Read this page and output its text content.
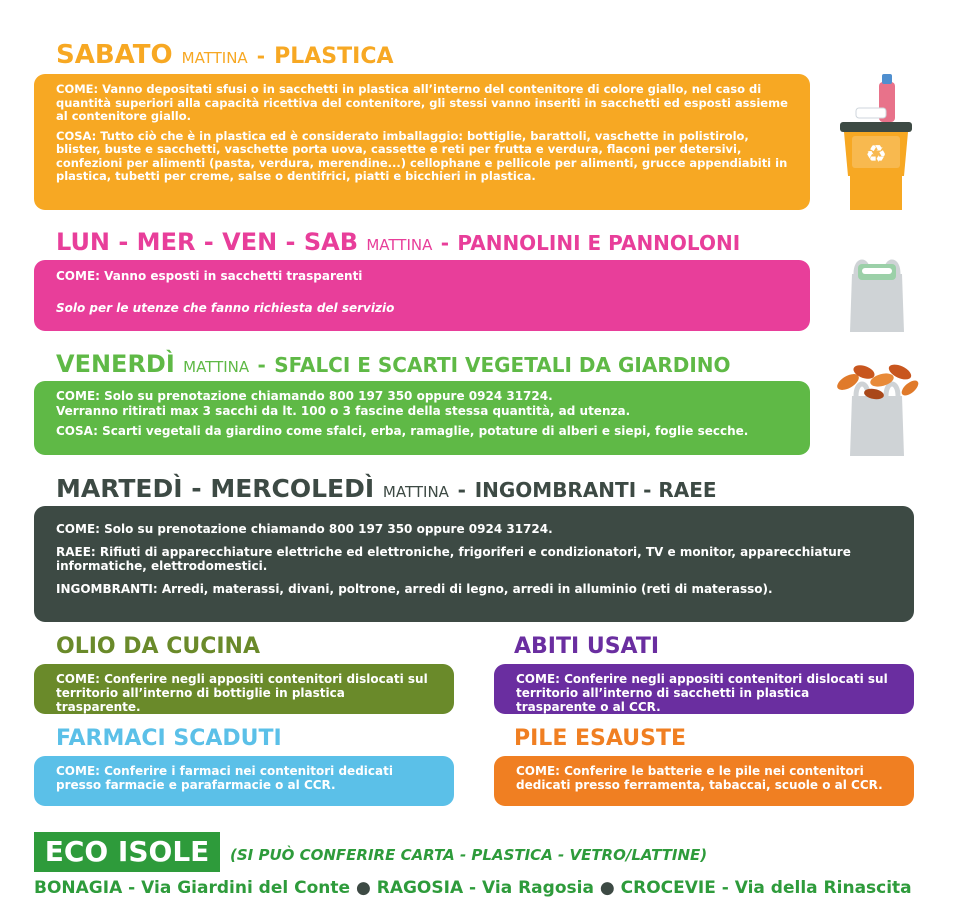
SABATO MATTINA - PLASTICA

COME: Vanno depositati sfusi o in sacchetti in plastica all’interno del contenitore di colore giallo, nel caso di quantità superiori alla capacità ricettiva del contenitore, gli stessi vanno inseriti in sacchetti ed esposti assieme al contenitore giallo.

COSA: Tutto ciò che è in plastica ed è considerato imballaggio: bottiglie, barattoli, vaschette in polistirolo, blister, buste e sacchetti, vaschette porta uova, cassette e reti per frutta e verdura, flaconi per detersivi, confezioni per alimenti (pasta, verdura, merendine...) cellophane e pellicole per alimenti, grucce appendiabiti in plastica, tubetti per creme, salse o dentifrici, piatti e bicchieri in plastica.

♻
LUN - MER - VEN - SAB MATTINA - PANNOLINI E PANNOLONI

COME: Vanno esposti in sacchetti trasparenti

Solo per le utenze che fanno richiesta del servizio

VENERDÌ MATTINA - SFALCI E SCARTI VEGETALI DA GIARDINO

COME: Solo su prenotazione chiamando 800 197 350 oppure 0924 31724.

Verranno ritirati max 3 sacchi da lt. 100 o 3 fascine della stessa quantità, ad utenza.

COSA: Scarti vegetali da giardino come sfalci, erba, ramaglie, potature di alberi e siepi, foglie secche.

MARTEDÌ - MERCOLEDÌ MATTINA - INGOMBRANTI - RAEE

COME: Solo su prenotazione chiamando 800 197 350 oppure 0924 31724.

RAEE: Rifiuti di apparecchiature elettriche ed elettroniche, frigoriferi e condizionatori, TV e monitor, apparecchiature informatiche, elettrodomestici.

INGOMBRANTI: Arredi, materassi, divani, poltrone, arredi di legno, arredi in alluminio (reti di materasso).

OLIO DA CUCINA

COME: Conferire negli appositi contenitori dislocati sul territorio all’interno di bottiglie in plastica trasparente.

ABITI USATI

COME: Conferire negli appositi contenitori dislocati sul territorio all’interno di sacchetti in plastica trasparente o al CCR.

FARMACI SCADUTI

COME: Conferire i farmaci nei contenitori dedicati presso farmacie e parafarmacie o al CCR.

PILE ESAUSTE

COME: Conferire le batterie e le pile nei contenitori dedicati presso ferramenta, tabaccai, scuole o al CCR.

ECO ISOLE	(SI PUÒ CONFERIRE CARTA - PLASTICA - VETRO/LATTINE)
BONAGIA - Via Giardini del Conte ● RAGOSIA - Via Ragosia ● CROCEVIE - Via della Rinascita
